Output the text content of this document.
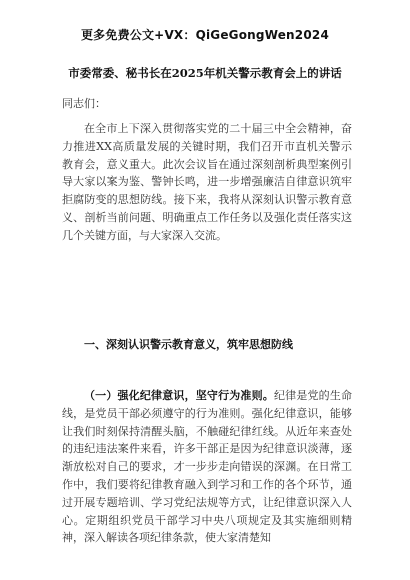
更多免费公文+VX：QiGeGongWen2024
市委常委、秘书长在2025年机关警示教育会上的讲话
同志们：

在全市上下深入贯彻落实党的二十届三中全会精神，奋力推进XX高质量发展的关键时期，我们召开市直机关警示教育会，意义重大。此次会议旨在通过深刻剖析典型案例引导大家以案为鉴、警钟长鸣，进一步增强廉洁自律意识筑牢拒腐防变的思想防线。接下来，我将从深刻认识警示教育意义、剖析当前问题、明确重点工作任务以及强化责任落实这几个关键方面，与大家深入交流。

一、深刻认识警示教育意义，筑牢思想防线

（一）强化纪律意识，坚守行为准则。纪律是党的生命线，是党员干部必须遵守的行为准则。强化纪律意识，能够让我们时刻保持清醒头脑，不触碰纪律红线。从近年来查处的违纪违法案件来看，许多干部正是因为纪律意识淡薄，逐渐放松对自己的要求，才一步步走向错误的深渊。在日常工作中，我们要将纪律教育融入到学习和工作的各个环节，通过开展专题培训、学习党纪法规等方式，让纪律意识深入人心。定期组织党员干部学习中央八项规定及其实施细则精神，深入解读各项纪律条款，使大家清楚知
